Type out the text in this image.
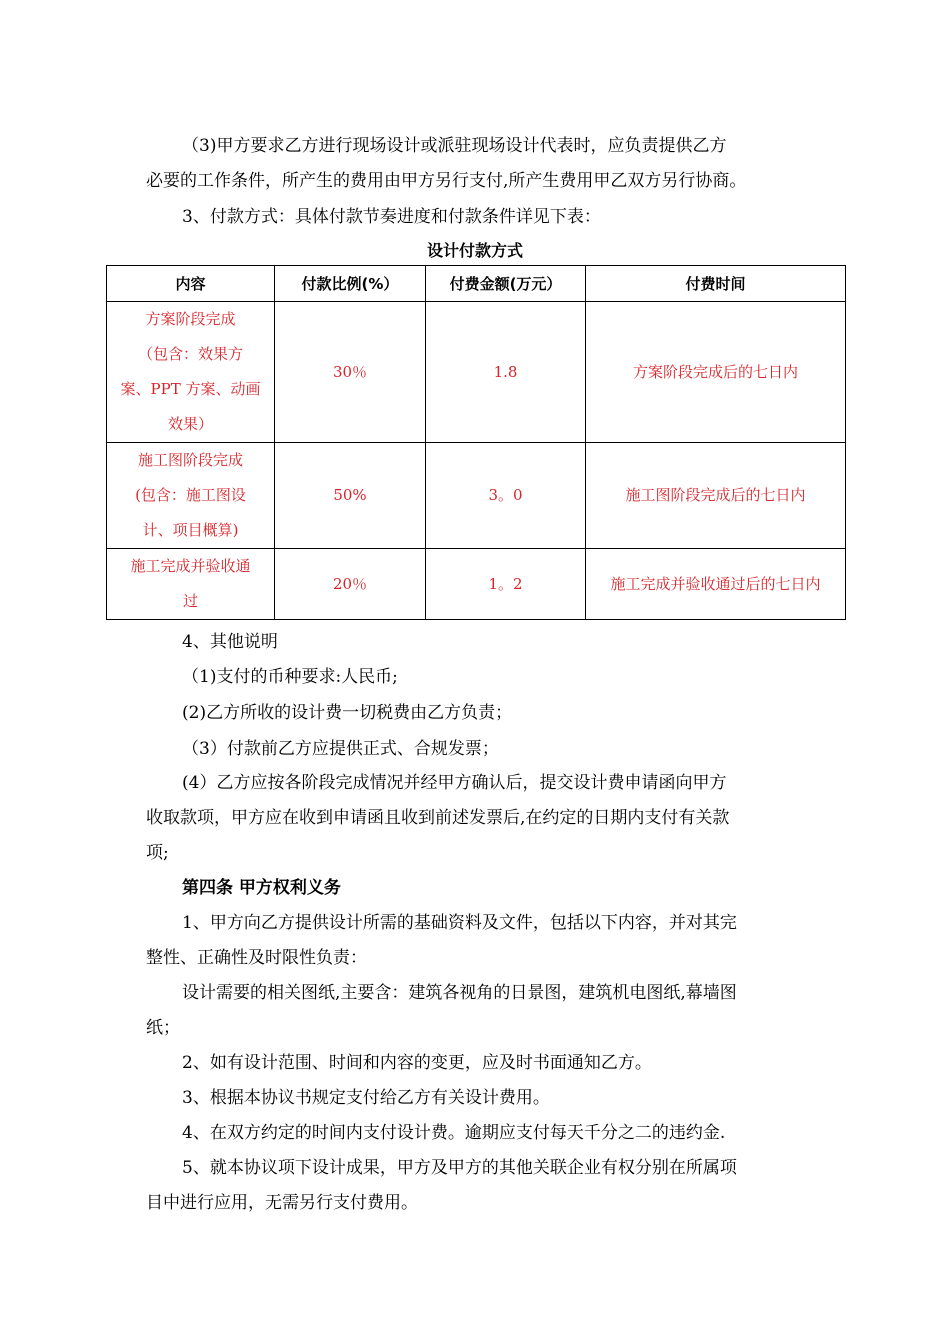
（3)甲方要求乙方进行现场设计或派驻现场设计代表时，应负责提供乙方
必要的工作条件，所产生的费用由甲方另行支付,所产生费用甲乙双方另行协商。
3、付款方式：具体付款节奏进度和付款条件详见下表：
设计付款方式
内容	付款比例(%）	付费金额(万元）	付费时间

方案阶段完成
（包含：效果方
案、PPT 方案、动画
效果）	30％	1.8	方案阶段完成后的七日内

施工图阶段完成
(包含：施工图设
计、项目概算)	50%	3。0	施工图阶段完成后的七日内

施工完成并验收通
过	20％	1。2	施工完成并验收通过后的七日内
4、其他说明
（1)支付的币种要求:人民币;
(2)乙方所收的设计费一切税费由乙方负责；
（3）付款前乙方应提供正式、合规发票；
(4）乙方应按各阶段完成情况并经甲方确认后，提交设计费申请函向甲方
收取款项，甲方应在收到申请函且收到前述发票后,在约定的日期内支付有关款
项;
第四条 甲方权利义务
1、甲方向乙方提供设计所需的基础资料及文件，包括以下内容，并对其完
整性、正确性及时限性负责：
设计需要的相关图纸,主要含：建筑各视角的日景图，建筑机电图纸,幕墙图
纸；
2、如有设计范围、时间和内容的变更，应及时书面通知乙方。
3、根据本协议书规定支付给乙方有关设计费用。
4、在双方约定的时间内支付设计费。逾期应支付每天千分之二的违约金.
5、就本协议项下设计成果，甲方及甲方的其他关联企业有权分别在所属项
目中进行应用，无需另行支付费用。
